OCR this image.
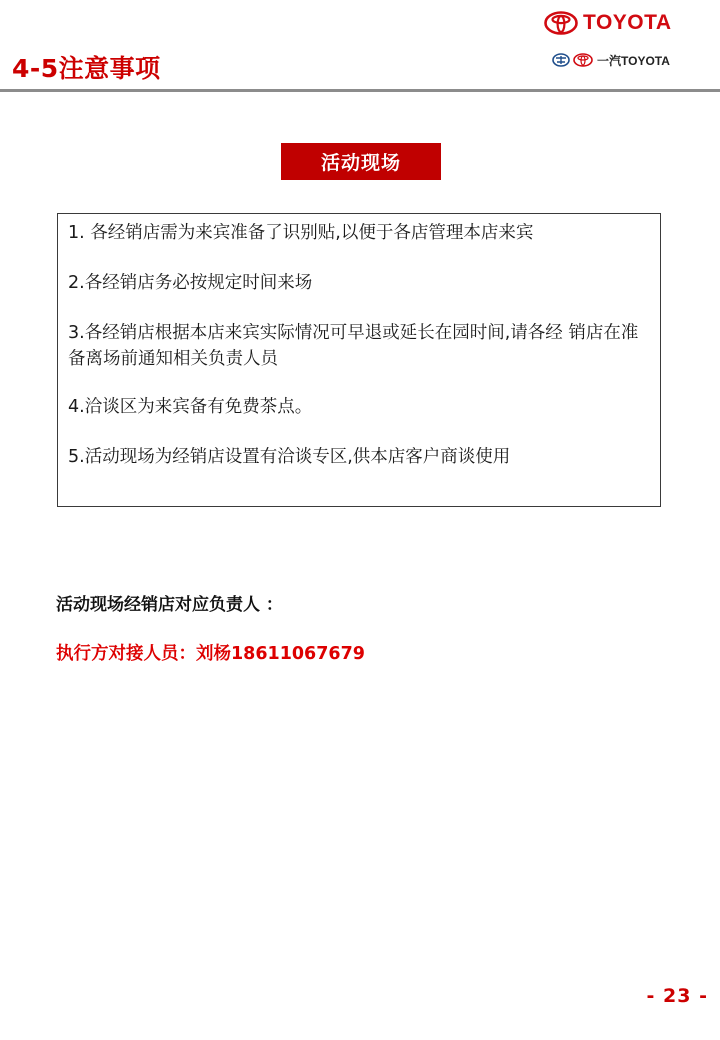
4-5注意事项
TOYOTA
一汽TOYOTA
活动现场

1. 各经销店需为来宾准备了识别贴,以便于各店管理本店来宾

2.各经销店务必按规定时间来场

3.各经销店根据本店来宾实际情况可早退或延长在园时间,请各经 销店在准备离场前通知相关负责人员

4.洽谈区为来宾备有免费茶点。

5.活动现场为经销店设置有洽谈专区,供本店客户商谈使用

活动现场经销店对应负责人 ：
执行方对接人员：刘杨18611067679
- 23 -
